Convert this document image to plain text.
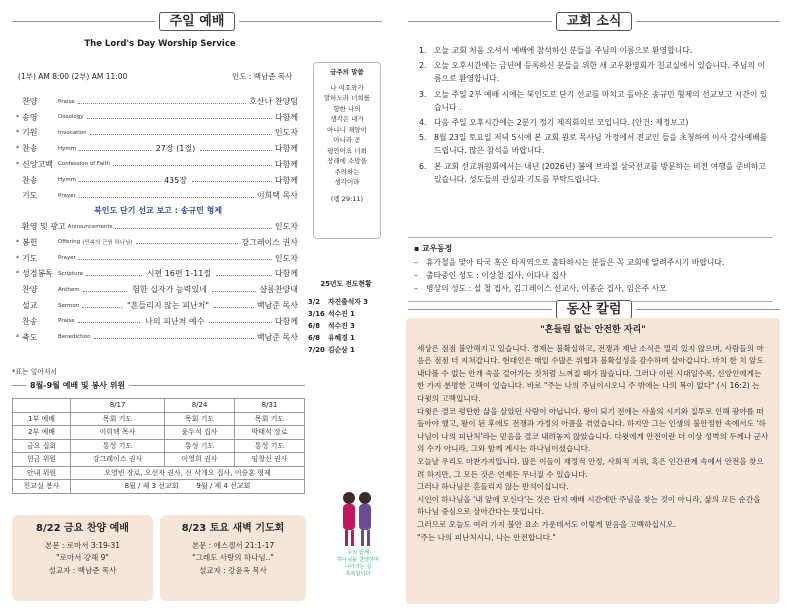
주일 예배
The Lord's Day Worship Service
(1부) AM 8:00 (2부) AM 11:00	인도 : 백남준 목사
찬양	Praise	호산나 찬양팀
* 송영	Doxology	다함께
* 기원	Invocation	인도자
* 찬송	Hymm	27장 (1절)	다함께
* 신앙고백 Confession of Faith	다함께
찬송	Hymm	435장	다함께
기도	Prayer	이희택 목사
북인도 단기 선교 보고 : 송규민 형제
환영 및 광고 Announcements	인도자
* 봉헌	Offering (만복의 근원 하나님)	강그레이스 권사
* 기도	Prayer	인도자
* 성경봉독 Scripture	시편 16편 1-11절	다함께
찬양	Anthem	험한 십자가 능력있네	샬롬찬양대
설교	Sermon	"흔들리지 않는 피난처"	백남준 목사
찬송	Praise	나의 피난처 예수	다함께
* 축도	Benediction	백남준 목사
*표는 일어서서
금주의 말씀
나 여호와가
말하노라 너희를
향한 나의
생각은 내가
아나니 재앙이
아니라 곧
평안이요 너희
장래에 소망을
주려하는
생각이라
(렘 29:11)
25년도 전도현황
3/2	자진출석자 3
3/16 석수진 1
6/8	석수진 3
6/8	유혜경 1
7/20 김순삼 1
8월-9월 예배 및 봉사 위원
	8/17	8/24	8/31
1부 예배	목회 기도	목회 기도	목회 기도
2부 예배	이희택 목사	윤두석 집사	박태식 장로
금요 집회	통성 기도	통성 기도	통성 기도
헌금 위원	강그레이스 권사	이영희 권사	임창선 권사
안내 위원	오영빈 장로, 오선자 권사, 신 삭개오 집사, 이승훈 형제		
친교실 봉사	8월 / 제 3 선교회        9월 / 제 4 선교회		
8/22 금요 찬양 예배
본문 : 로마서 3:19-31
"로마서 강해 9"
설교자 : 백남준 목사
8/23 토요 새벽 기도회
본문 : 에스겔서 21:1-17
"그레도 사랑의 하나님.."
설교자 : 강윤옥 목사
우리 함께
하나님을 찬양하며
나아가는 길
축복합니다
교회 소식
1. 오늘 교회 처음 오셔서 예배에 참석하신 분들을 주님의 이름으로 환영합니다.
2. 오늘 오후시간에는 금년에 등록하신 분들을 위한 새 교우환영회가 친교실에서 있습니다. 주님의 이름으로 환영합니다.
3. 오늘 주일 2부 예배 시에는 북인도로 단기 선교를 마치고 돌아온 송규민 형제의 선교보고 시간이 있습니다 .
4. 다음 주일 오후시간에는 2분기 정기 제직회의로 모입니다. (안건: 제정보고)
5. 8월 23일 토요일 저녁 5시에 본 교회 원로 목사님 가정에서 전교인 들을 초청하여 이사 감사예배를 드립니다. 많은 참석을 바랍니다.
6. 본 교회 선교위원회에서는 내년 (2026년) 봄에 브라질 삼국선교를 방문하는 비전 여행을 준비하고 있습니다. 성도들의 관심과 기도를 부탁드립니다.
▪ 교우동정
–	휴가철을 맞아 타국 혹은 타지역으로 출타하시는 분들은 꼭 교회에 알려주시기 바랍니다.
–	출타중인 성도 : 이상철 집사, 이다나 집사
–	병상의 성도 : 설 철 집사, 김그레이스 선교사, 이종순 집사, 임은주 사모
동산 칼럼
"흔들림 없는 안전한 자리"

세상은 점점 불안해지고 있습니다. 경제는 불확실하고, 전쟁과 재난 소식은 멀리 있지 않으며, 사람들의 마음은 점점 더 지쳐갑니다. 현대인은 매일 수많은 위협과 불확실성을 감수하며 살아갑니다. 마치 한 치 앞도 내다볼 수 없는 안개 속을 걸어가는 것처럼 느껴질 때가 많습니다. 그러나 이런 시대일수록, 신앙인에게는 한 가지 분명한 고백이 있습니다. 바로 "주는 나의 주님이시오니 주 밖에는 나의 복이 없다" (시 16:2) 는 다윗의 고백입니다.

다윗은 결코 평탄한 삶을 살았던 사람이 아닙니다. 왕이 되기 전에는 사울의 시기와 질투로 인해 광야를 떠돌아야 했고, 왕이 된 후에도 전쟁과 가정의 아픔을 겪었습니다. 하지만 그는 인생의 불안정한 속에서도 '하나님이 나의 피난처'라는 믿음을 결코 내려놓지 않았습니다. 다윗에게 안전이란 더 이상 성벽의 두께나 군사의 수가 아니라, 그와 함께 계시는 하나님이셨습니다.

오늘날 우리도 마찬가지입니다. 많은 이들이 재정적 안정, 사회적 지위, 혹은 인간관계 속에서 안전을 찾으려 하지만, 그 모든 것은 언제든 무너질 수 있습니다.

그러나 하나님은 흔들리지 않는 반석이십니다.

시인이 하나님을 '내 앞에 모신다'는 것은 단지 예배 시간에만 주님을 찾는 것이 아니라, 삶의 모든 순간을 하나님 중심으로 살아간다는 뜻입니다.

그러므로 오늘도 여러 가지 불안 요소 가운데서도 이렇게 믿음을 고백하십시오.

"주는 나의 피난처시니, 나는 안전합니다."
